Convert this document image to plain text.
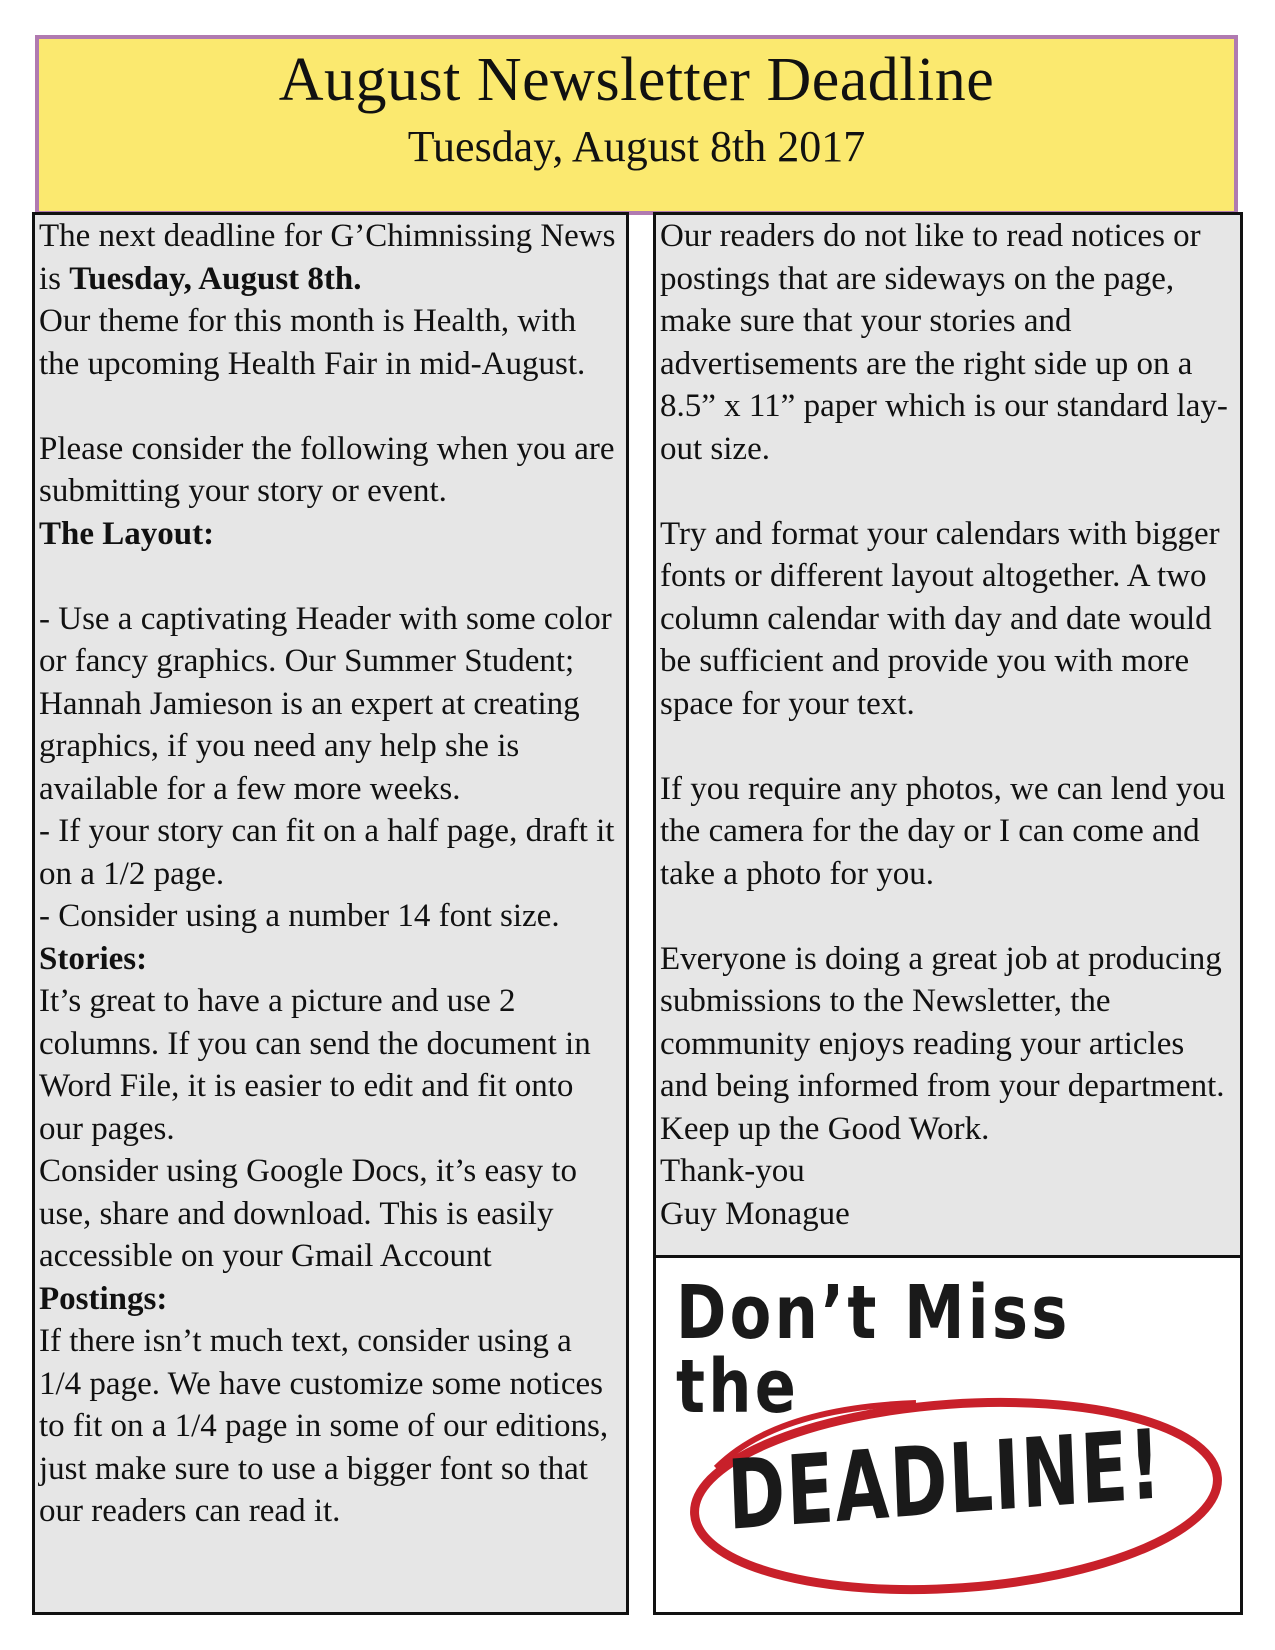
August Newsletter Deadline
Tuesday, August 8th 2017

The next deadline for G’Chimnissing News is Tuesday, August 8th.

Our theme for this month is Health, with the upcoming Health Fair in mid-August.

Please consider the following when you are submitting your story or event.

The Layout:

- Use a captivating Header with some color or fancy graphics. Our Summer Student; Hannah Jamieson is an expert at creating graphics, if you need any help she is available for a few more weeks.

- If your story can fit on a half page, draft it on a 1/2 page.

- Consider using a number 14 font size.

Stories:

It’s great to have a picture and use 2 columns. If you can send the document in Word File, it is easier to edit and fit onto our pages.

Consider using Google Docs, it’s easy to use, share and download. This is easily accessible on your Gmail Account

Postings:

If there isn’t much text, consider using a 1/4 page. We have customize some notices to fit on a 1/4 page in some of our editions, just make sure to use a bigger font so that our readers can read it.

Our readers do not like to read notices or postings that are sideways on the page, make sure that your stories and advertisements are the right side up on a 8.5” x 11” paper which is our standard lay-out size.

Try and format your calendars with bigger fonts or different layout altogether. A two column calendar with day and date would be sufficient and provide you with more space for your text.

If you require any photos, we can lend you the camera for the day or I can come and take a photo for you.

Everyone is doing a great job at producing submissions to the Newsletter, the community enjoys reading your articles and being informed from your department. Keep up the Good Work.

Thank-you

Guy Monague

Don’t Miss the
DEADLINE!
